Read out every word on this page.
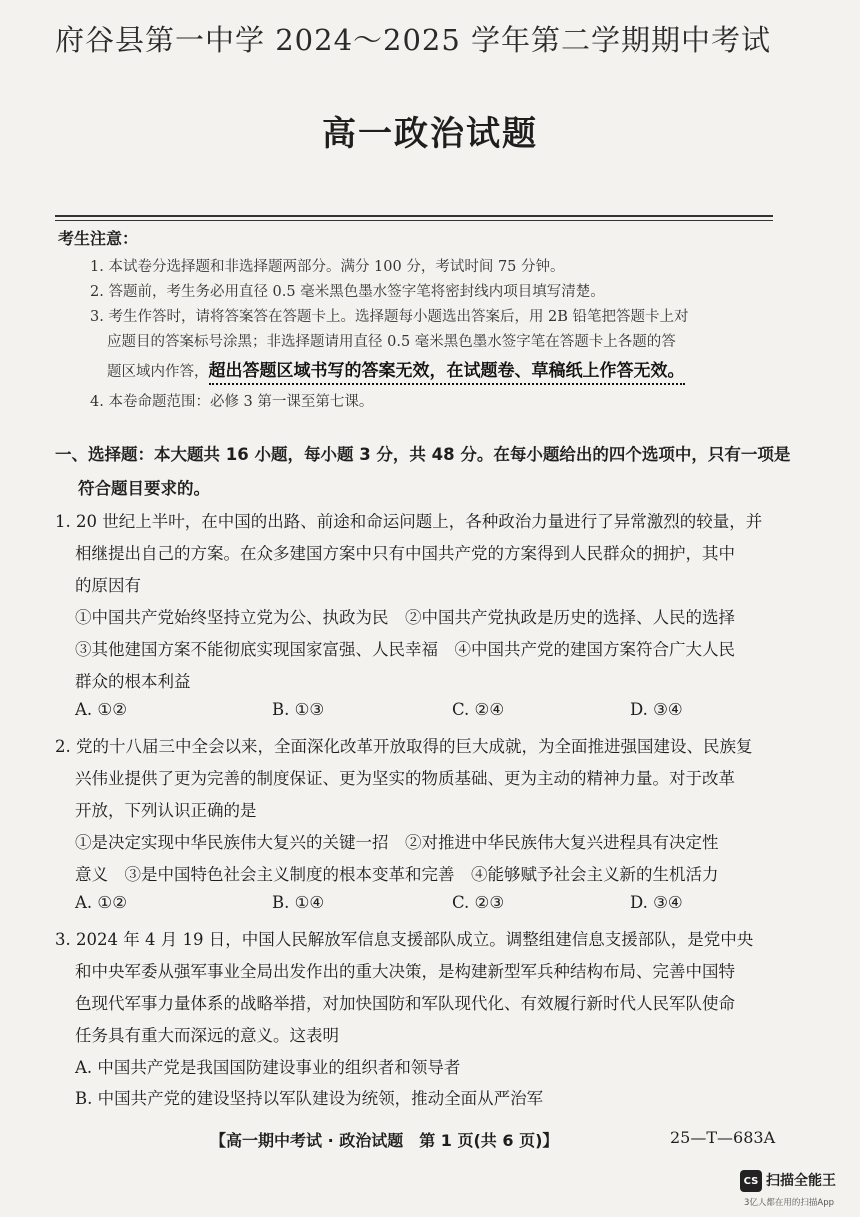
府谷县第一中学 2024～2025 学年第二学期期中考试
高一政治试题
考生注意：
1. 本试卷分选择题和非选择题两部分。满分 100 分，考试时间 75 分钟。
2. 答题前，考生务必用直径 0.5 毫米黑色墨水签字笔将密封线内项目填写清楚。
3. 考生作答时，请将答案答在答题卡上。选择题每小题选出答案后，用 2B 铅笔把答题卡上对
应题目的答案标号涂黑；非选择题请用直径 0.5 毫米黑色墨水签字笔在答题卡上各题的答
题区域内作答，超出答题区域书写的答案无效，在试题卷、草稿纸上作答无效。
4. 本卷命题范围：必修 3 第一课至第七课。
一、选择题：本大题共 16 小题，每小题 3 分，共 48 分。在每小题给出的四个选项中，只有一项是
符合题目要求的。
1. 20 世纪上半叶，在中国的出路、前途和命运问题上，各种政治力量进行了异常激烈的较量，并
相继提出自己的方案。在众多建国方案中只有中国共产党的方案得到人民群众的拥护，其中
的原因有
①中国共产党始终坚持立党为公、执政为民　②中国共产党执政是历史的选择、人民的选择
③其他建国方案不能彻底实现国家富强、人民幸福　④中国共产党的建国方案符合广大人民
群众的根本利益
A. ①②	B. ①③	C. ②④	D. ③④
2. 党的十八届三中全会以来，全面深化改革开放取得的巨大成就，为全面推进强国建设、民族复
兴伟业提供了更为完善的制度保证、更为坚实的物质基础、更为主动的精神力量。对于改革
开放，下列认识正确的是
①是决定实现中华民族伟大复兴的关键一招　②对推进中华民族伟大复兴进程具有决定性
意义　③是中国特色社会主义制度的根本变革和完善　④能够赋予社会主义新的生机活力
A. ①②	B. ①④	C. ②③	D. ③④
3. 2024 年 4 月 19 日，中国人民解放军信息支援部队成立。调整组建信息支援部队，是党中央
和中央军委从强军事业全局出发作出的重大决策，是构建新型军兵种结构布局、完善中国特
色现代军事力量体系的战略举措，对加快国防和军队现代化、有效履行新时代人民军队使命
任务具有重大而深远的意义。这表明
A. 中国共产党是我国国防建设事业的组织者和领导者
B. 中国共产党的建设坚持以军队建设为统领，推动全面从严治军
【高一期中考试 · 政治试题　第 1 页(共 6 页)】	25—T—683A
CS 扫描全能王
3亿人都在用的扫描App
